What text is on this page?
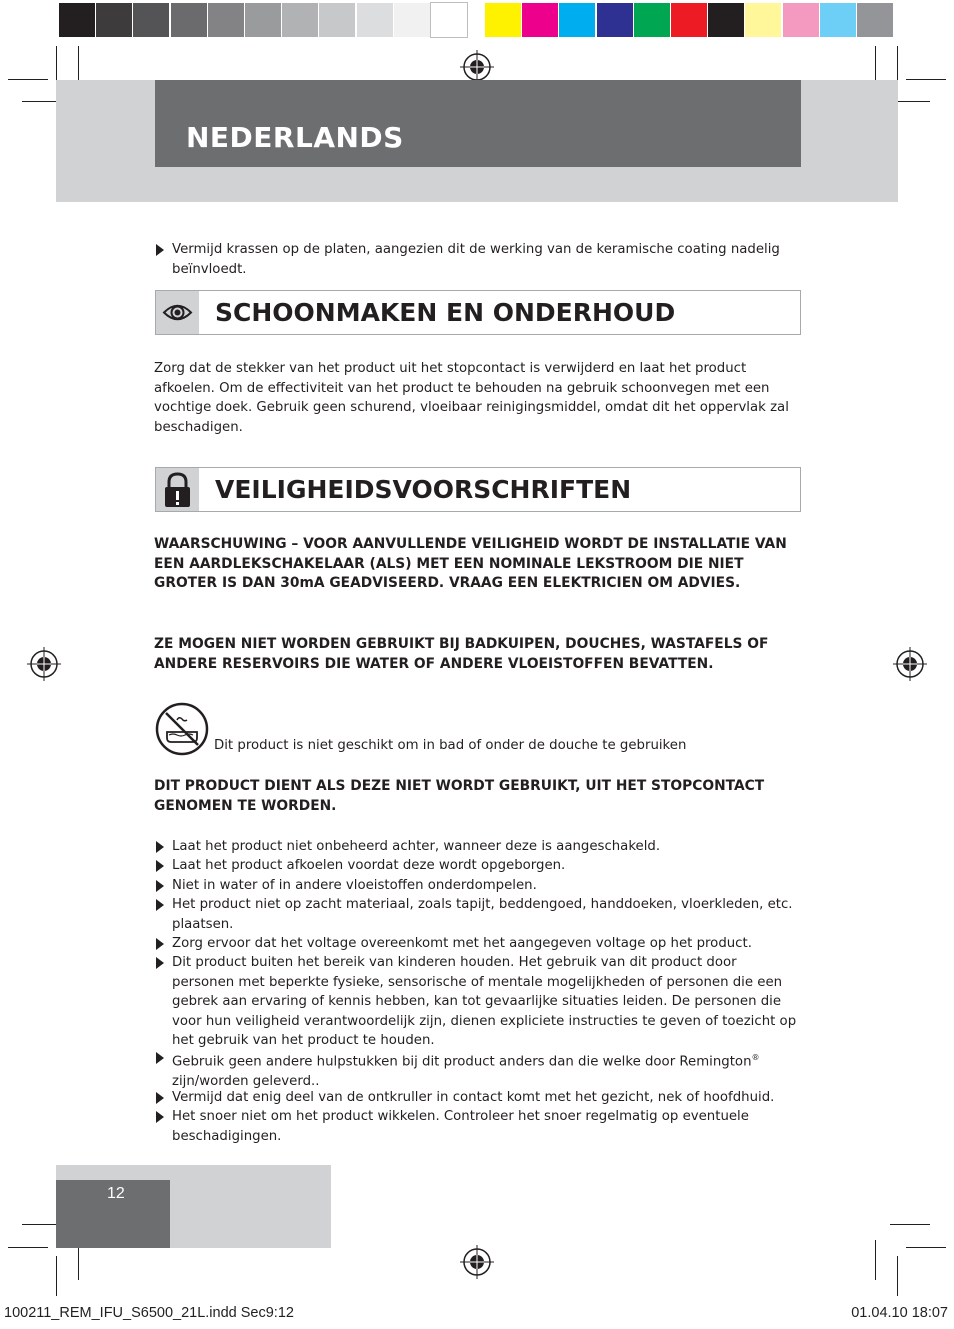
NEDERLANDS
Vermijd krassen op de platen, aangezien dit de werking van de keramische coating nadelig beïnvloedt.
SCHOONMAKEN EN ONDERHOUD
Zorg dat de stekker van het product uit het stopcontact is verwijderd en laat het product afkoelen. Om de effectiviteit van het product te behouden na gebruik schoonvegen met een vochtige doek. Gebruik geen schurend, vloeibaar reinigingsmiddel, omdat dit het oppervlak zal beschadigen.
VEILIGHEIDSVOORSCHRIFTEN
WAARSCHUWING – VOOR AANVULLENDE VEILIGHEID WORDT DE INSTALLATIE VAN EEN AARDLEKSCHAKELAAR (ALS) MET EEN NOMINALE LEKSTROOM DIE NIET GROTER IS DAN 30mA GEADVISEERD. VRAAG EEN ELEKTRICIEN OM ADVIES.
ZE MOGEN NIET WORDEN GEBRUIKT BIJ BADKUIPEN, DOUCHES, WASTAFELS OF ANDERE RESERVOIRS DIE WATER OF ANDERE VLOEISTOFFEN BEVATTEN.
Dit product is niet geschikt om in bad of onder de douche te gebruiken
DIT PRODUCT DIENT ALS DEZE NIET WORDT GEBRUIKT, UIT HET STOPCONTACT GENOMEN TE WORDEN.
Laat het product niet onbeheerd achter, wanneer deze is aangeschakeld.
Laat het product afkoelen voordat deze wordt opgeborgen.
Niet in water of in andere vloeistoffen onderdompelen.
Het product niet op zacht materiaal, zoals tapijt, beddengoed, handdoeken, vloerkleden, etc. plaatsen.
Zorg ervoor dat het voltage overeenkomt met het aangegeven voltage op het product.
Dit product buiten het bereik van kinderen houden. Het gebruik van dit product door personen met beperkte fysieke, sensorische of mentale mogelijkheden of personen die een gebrek aan ervaring of kennis hebben, kan tot gevaarlijke situaties leiden. De personen die voor hun veiligheid verantwoordelijk zijn, dienen expliciete instructies te geven of toezicht op het gebruik van het product te houden.
Gebruik geen andere hulpstukken bij dit product anders dan die welke door Remington®
zijn/worden geleverd..
Vermijd dat enig deel van de ontkruller in contact komt met het gezicht, nek of hoofdhuid.
Het snoer niet om het product wikkelen. Controleer het snoer regelmatig op eventuele beschadigingen.
12
100211_REM_IFU_S6500_21L.indd Sec9:12	01.04.10 18:07
